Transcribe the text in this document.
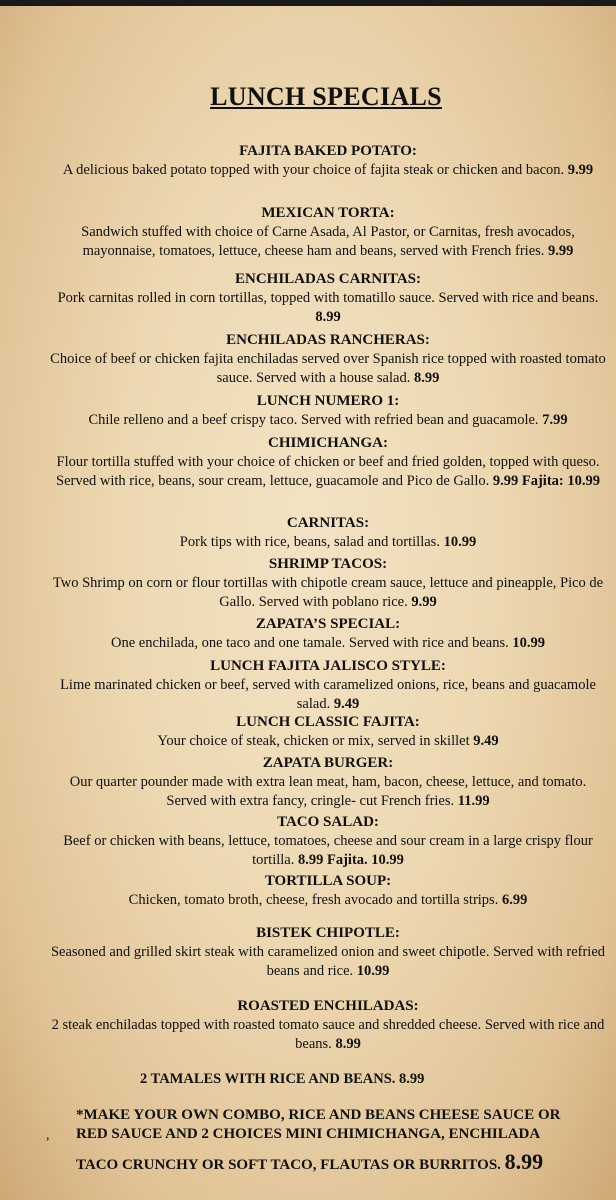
LUNCH SPECIALS
FAJITA BAKED POTATO:
A delicious baked potato topped with your choice of fajita steak or chicken and bacon. 9.99
MEXICAN TORTA:
Sandwich stuffed with choice of Carne Asada, Al Pastor, or Carnitas, fresh avocados, mayonnaise, tomatoes, lettuce, cheese ham and beans, served with French fries. 9.99
ENCHILADAS CARNITAS:
Pork carnitas rolled in corn tortillas, topped with tomatillo sauce. Served with rice and beans. 8.99
ENCHILADAS RANCHERAS:
Choice of beef or chicken fajita enchiladas served over Spanish rice topped with roasted tomato sauce. Served with a house salad. 8.99
LUNCH NUMERO 1:
Chile relleno and a beef crispy taco. Served with refried bean and guacamole. 7.99
CHIMICHANGA:
Flour tortilla stuffed with your choice of chicken or beef and fried golden, topped with queso. Served with rice, beans, sour cream, lettuce, guacamole and Pico de Gallo. 9.99 Fajita: 10.99
CARNITAS:
Pork tips with rice, beans, salad and tortillas. 10.99
SHRIMP TACOS:
Two Shrimp on corn or flour tortillas with chipotle cream sauce, lettuce and pineapple, Pico de Gallo. Served with poblano rice. 9.99
ZAPATA’S SPECIAL:
One enchilada, one taco and one tamale. Served with rice and beans. 10.99
LUNCH FAJITA JALISCO STYLE:
Lime marinated chicken or beef, served with caramelized onions, rice, beans and guacamole salad. 9.49
LUNCH CLASSIC FAJITA:
Your choice of steak, chicken or mix, served in skillet 9.49
ZAPATA BURGER:
Our quarter pounder made with extra lean meat, ham, bacon, cheese, lettuce, and tomato. Served with extra fancy, cringle- cut French fries. 11.99
TACO SALAD:
Beef or chicken with beans, lettuce, tomatoes, cheese and sour cream in a large crispy flour tortilla. 8.99 Fajita. 10.99
TORTILLA SOUP:
Chicken, tomato broth, cheese, fresh avocado and tortilla strips. 6.99
BISTEK CHIPOTLE:
Seasoned and grilled skirt steak with caramelized onion and sweet chipotle. Served with refried beans and rice. 10.99
ROASTED ENCHILADAS:
2 steak enchiladas topped with roasted tomato sauce and shredded cheese. Served with rice and beans. 8.99
2 TAMALES WITH RICE AND BEANS. 8.99
,
*MAKE YOUR OWN COMBO, RICE AND BEANS CHEESE SAUCE OR
RED SAUCE AND 2 CHOICES MINI CHIMICHANGA, ENCHILADA
TACO CRUNCHY OR SOFT TACO, FLAUTAS OR BURRITOS. 8.99
